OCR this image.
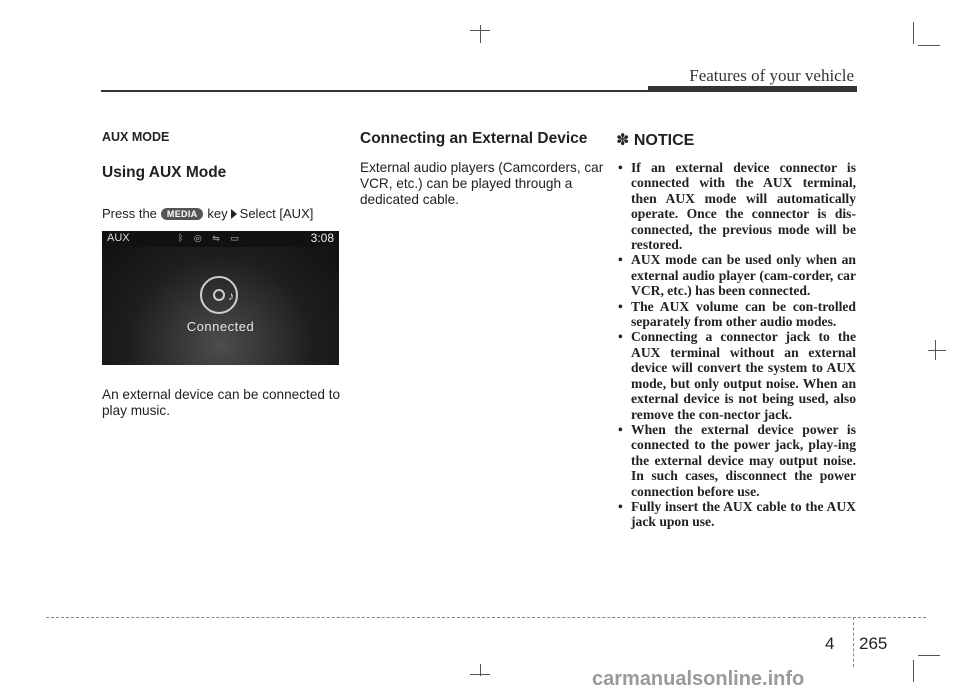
Features of your vehicle
AUX MODE
Using AUX Mode
Press the	MEDIA key Select [AUX]
AUX	ᛒ ◎ ⇋ ▭	3:08
♪
Connected
An external device can be connected to play music.
Connecting an External Device
External audio players (Camcorders, car VCR, etc.) can be played through a dedicated cable.
✽ NOTICE
• If an external device connector is connected with the AUX terminal, then AUX mode will automatically operate. Once the connector is dis-connected, the previous mode will be restored.
• AUX mode can be used only when an external audio player (cam-corder, car VCR, etc.) has been connected.
• The AUX volume can be con-trolled separately from other audio modes.
• Connecting a connector jack to the AUX terminal without an external device will convert the system to AUX mode, but only output noise. When an external device is not being used, also remove the con-nector jack.
• When the external device power is connected to the power jack, play-ing the external device may output noise. In such cases, disconnect the power connection before use.
• Fully insert the AUX cable to the AUX jack upon use.
4 265
carmanualsonline.info
